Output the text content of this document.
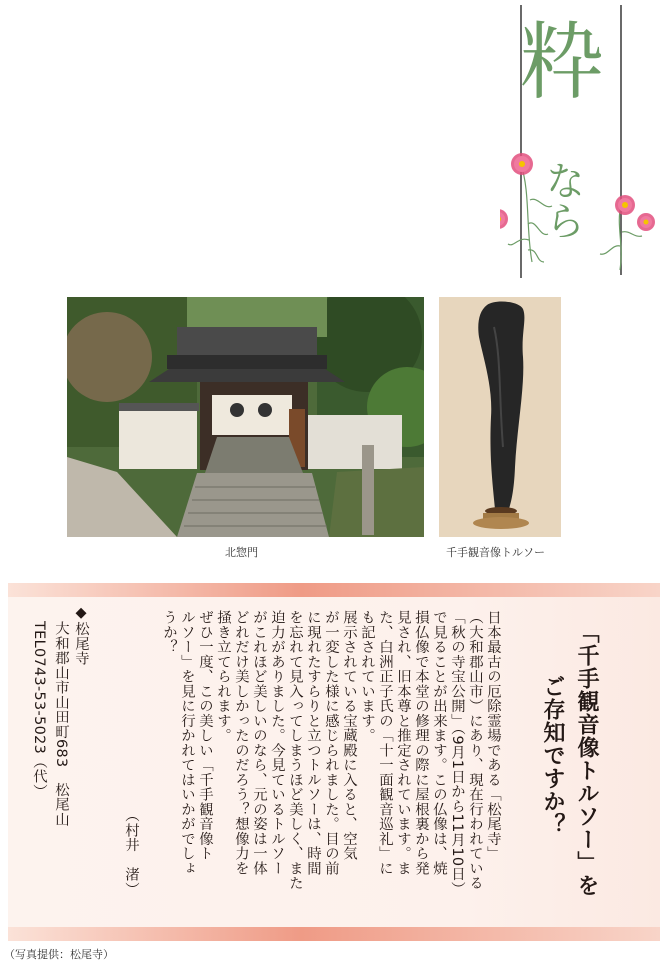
粋
なら
北惣門	千手観音像トルソー
「千手観音像トルソー」を
ご存知ですか？
日本最古の厄除霊場である「松尾寺」
（大和郡山市）にあり、現在行われている
「秋の寺宝公開」（9月1日から11月10日）
で見ることが出来ます。この仏像は、焼
損仏像で本堂の修理の際に屋根裏から発
見され、旧本尊と推定されています。ま
た、白洲正子氏の「十一面観音巡礼」に
も記されています。
展示されている宝蔵殿に入ると、空気
が一変した様に感じられました。目の前
に現れたすらりと立つトルソーは、時間
を忘れて見入ってしまうほど美しく、また
迫力がありました。今見ているトルソー
がこれほど美しいのなら、元の姿は一体
どれだけ美しかったのだろう？想像力を
掻き立てられます。
ぜひ一度、この美しい「千手観音像ト
ルソー」を見に行かれてはいかがでしょ
うか？
（村井　渚）
◆松尾寺
大和郡山市山田町683　松尾山
TEL0743-53-5023（代）
（写真提供：松尾寺）
